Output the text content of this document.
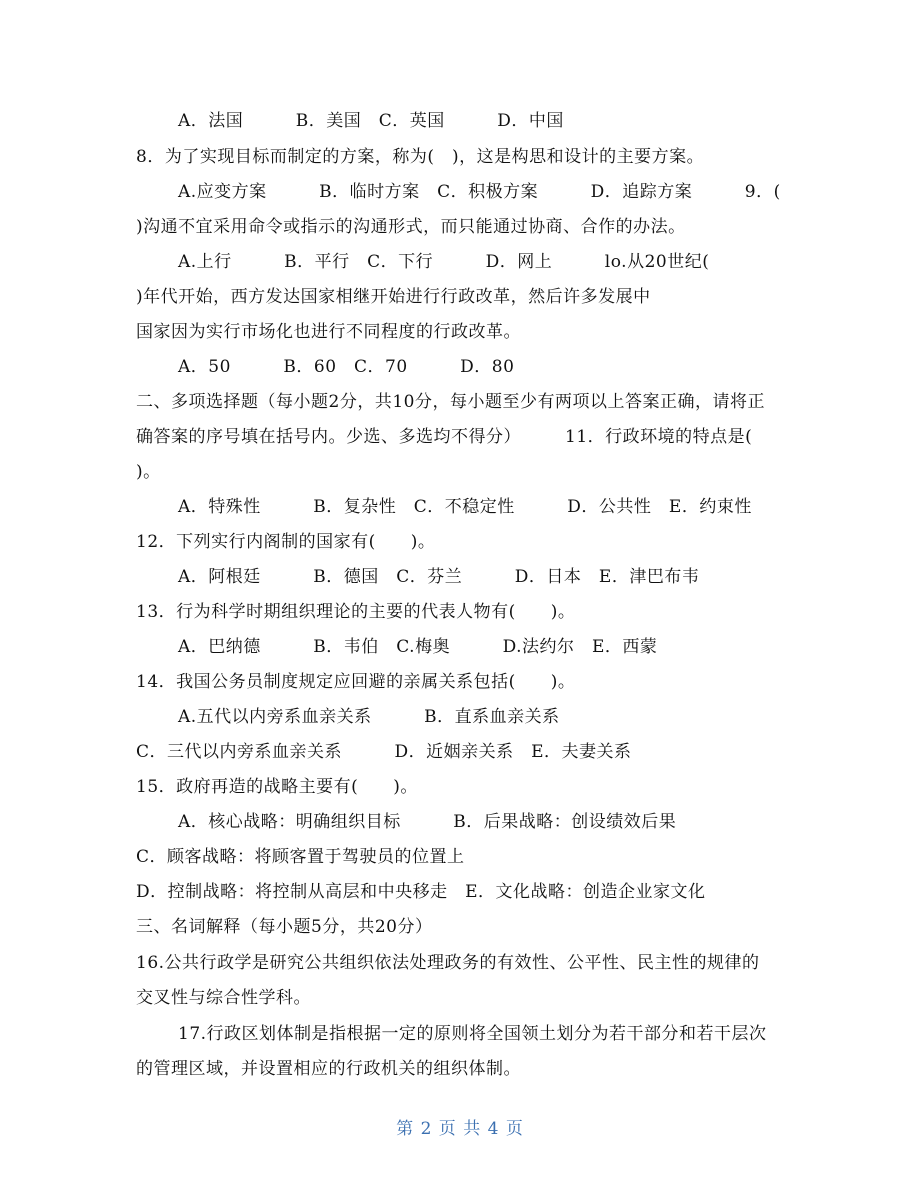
A．法国　　　B．美国　C．英国　　　D．中国
8．为了实现目标而制定的方案，称为(　)，这是构思和设计的主要方案。
A.应变方案　　　B．临时方案　C．积极方案　　　D．追踪方案　　　9．(
)沟通不宜采用命令或指示的沟通形式，而只能通过协商、合作的办法。
A.上行　　　B．平行　C．下行　　　D．网上　　　lo.从20世纪(
)年代开始，西方发达国家相继开始进行行政改革，然后许多发展中
国家因为实行市场化也进行不同程度的行政改革。
A．50　　　B．60　C．70　　　D．80
二、多项选择题（每小题2分，共10分，每小题至少有两项以上答案正确，请将正
确答案的序号填在括号内。少选、多选均不得分）　　　11．行政环境的特点是(
)。
A．特殊性　　　B．复杂性　C．不稳定性　　　D．公共性　E．约束性
12．下列实行内阁制的国家有(　　)。
A．阿根廷　　　B．德国　C．芬兰　　　D．日本　E．津巴布韦
13．行为科学时期组织理论的主要的代表人物有(　　)。
A．巴纳德　　　B．韦伯　C.梅奥　　　D.法约尔　E．西蒙
14．我国公务员制度规定应回避的亲属关系包括(　　)。
A.五代以内旁系血亲关系　　　B．直系血亲关系
C．三代以内旁系血亲关系　　　D．近姻亲关系　E．夫妻关系
15．政府再造的战略主要有(　　)。
A．核心战略：明确组织目标　　　B．后果战略：创设绩效后果
C．顾客战略：将顾客置于驾驶员的位置上
D．控制战略：将控制从高层和中央移走　E．文化战略：创造企业家文化
三、名词解释（每小题5分，共20分）
16.公共行政学是研究公共组织依法处理政务的有效性、公平性、民主性的规律的
交叉性与综合性学科。
17.行政区划体制是指根据一定的原则将全国领土划分为若干部分和若干层次
的管理区域，并设置相应的行政机关的组织体制。
第 2 页 共 4 页
